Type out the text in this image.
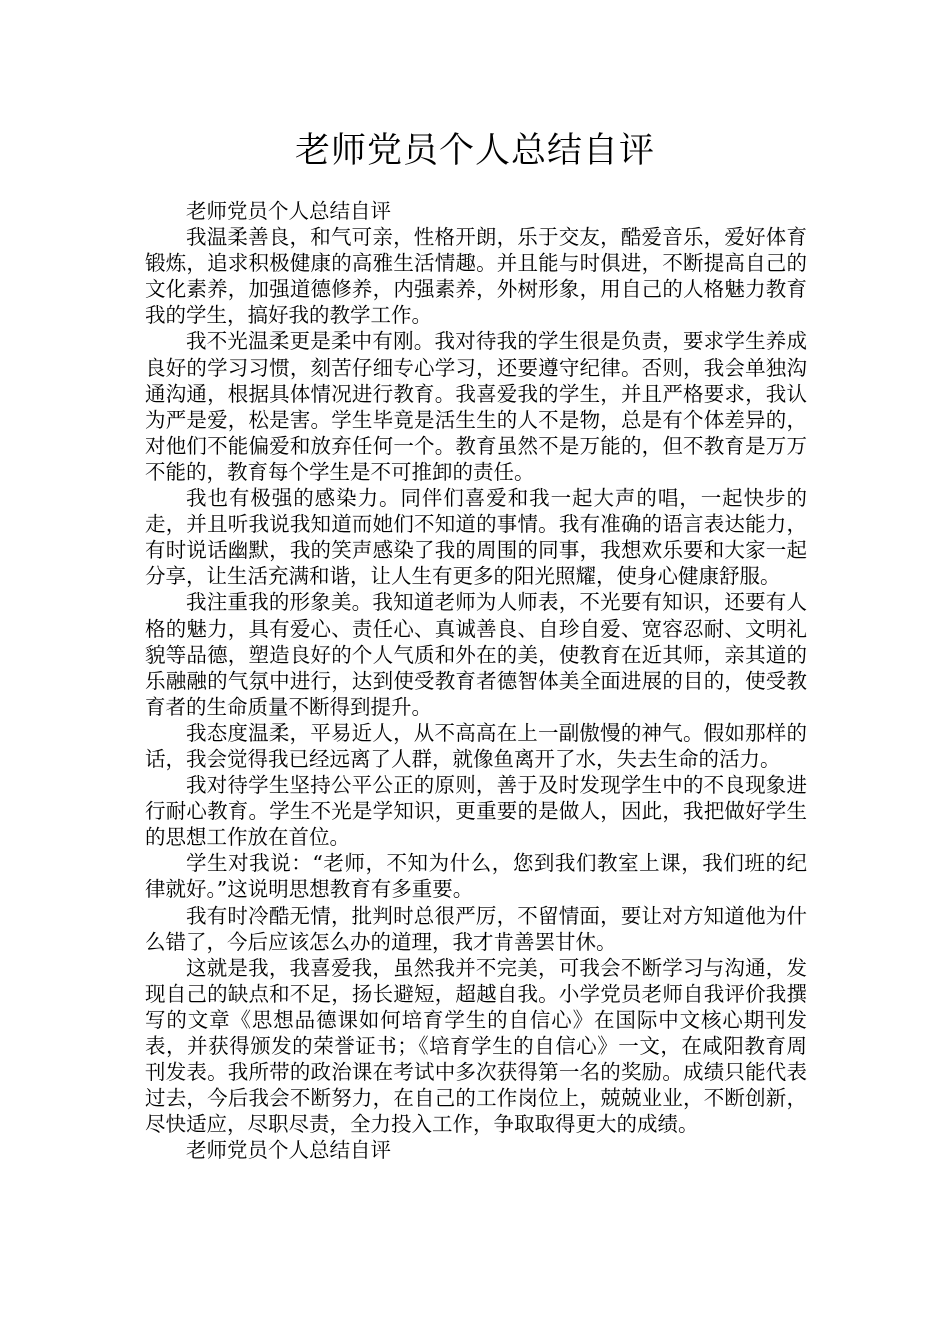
老师党员个人总结自评

老师党员个人总结自评

我温柔善良，和气可亲，性格开朗，乐于交友，酷爱音乐，爱好体育锻炼，追求积极健康的高雅生活情趣。并且能与时俱进，不断提高自己的文化素养，加强道德修养，内强素养，外树形象，用自己的人格魅力教育我的学生，搞好我的教学工作。

我不光温柔更是柔中有刚。我对待我的学生很是负责，要求学生养成良好的学习习惯，刻苦仔细专心学习，还要遵守纪律。否则，我会单独沟通沟通，根据具体情况进行教育。我喜爱我的学生，并且严格要求，我认为严是爱，松是害。学生毕竟是活生生的人不是物，总是有个体差异的，对他们不能偏爱和放弃任何一个。教育虽然不是万能的，但不教育是万万不能的，教育每个学生是不可推卸的责任。

我也有极强的感染力。同伴们喜爱和我一起大声的唱，一起快步的走，并且听我说我知道而她们不知道的事情。我有准确的语言表达能力，有时说话幽默，我的笑声感染了我的周围的同事，我想欢乐要和大家一起分享，让生活充满和谐，让人生有更多的阳光照耀，使身心健康舒服。

我注重我的形象美。我知道老师为人师表，不光要有知识，还要有人格的魅力，具有爱心、责任心、真诚善良、自珍自爱、宽容忍耐、文明礼貌等品德，塑造良好的个人气质和外在的美，使教育在近其师，亲其道的乐融融的气氛中进行，达到使受教育者德智体美全面进展的目的，使受教育者的生命质量不断得到提升。

我态度温柔，平易近人，从不高高在上一副傲慢的神气。假如那样的话，我会觉得我已经远离了人群，就像鱼离开了水，失去生命的活力。

我对待学生坚持公平公正的原则，善于及时发现学生中的不良现象进行耐心教育。学生不光是学知识，更重要的是做人，因此，我把做好学生的思想工作放在首位。

学生对我说：“老师，不知为什么，您到我们教室上课，我们班的纪律就好。”这说明思想教育有多重要。

我有时冷酷无情，批判时总很严厉，不留情面，要让对方知道他为什么错了，今后应该怎么办的道理，我才肯善罢甘休。

这就是我，我喜爱我，虽然我并不完美，可我会不断学习与沟通，发现自己的缺点和不足，扬长避短，超越自我。小学党员老师自我评价我撰写的文章《思想品德课如何培育学生的自信心》在国际中文核心期刊发表，并获得颁发的荣誉证书；《培育学生的自信心》一文，在咸阳教育周刊发表。我所带的政治课在考试中多次获得第一名的奖励。成绩只能代表过去，今后我会不断努力，在自己的工作岗位上，兢兢业业，不断创新，尽快适应，尽职尽责，全力投入工作，争取取得更大的成绩。

老师党员个人总结自评
